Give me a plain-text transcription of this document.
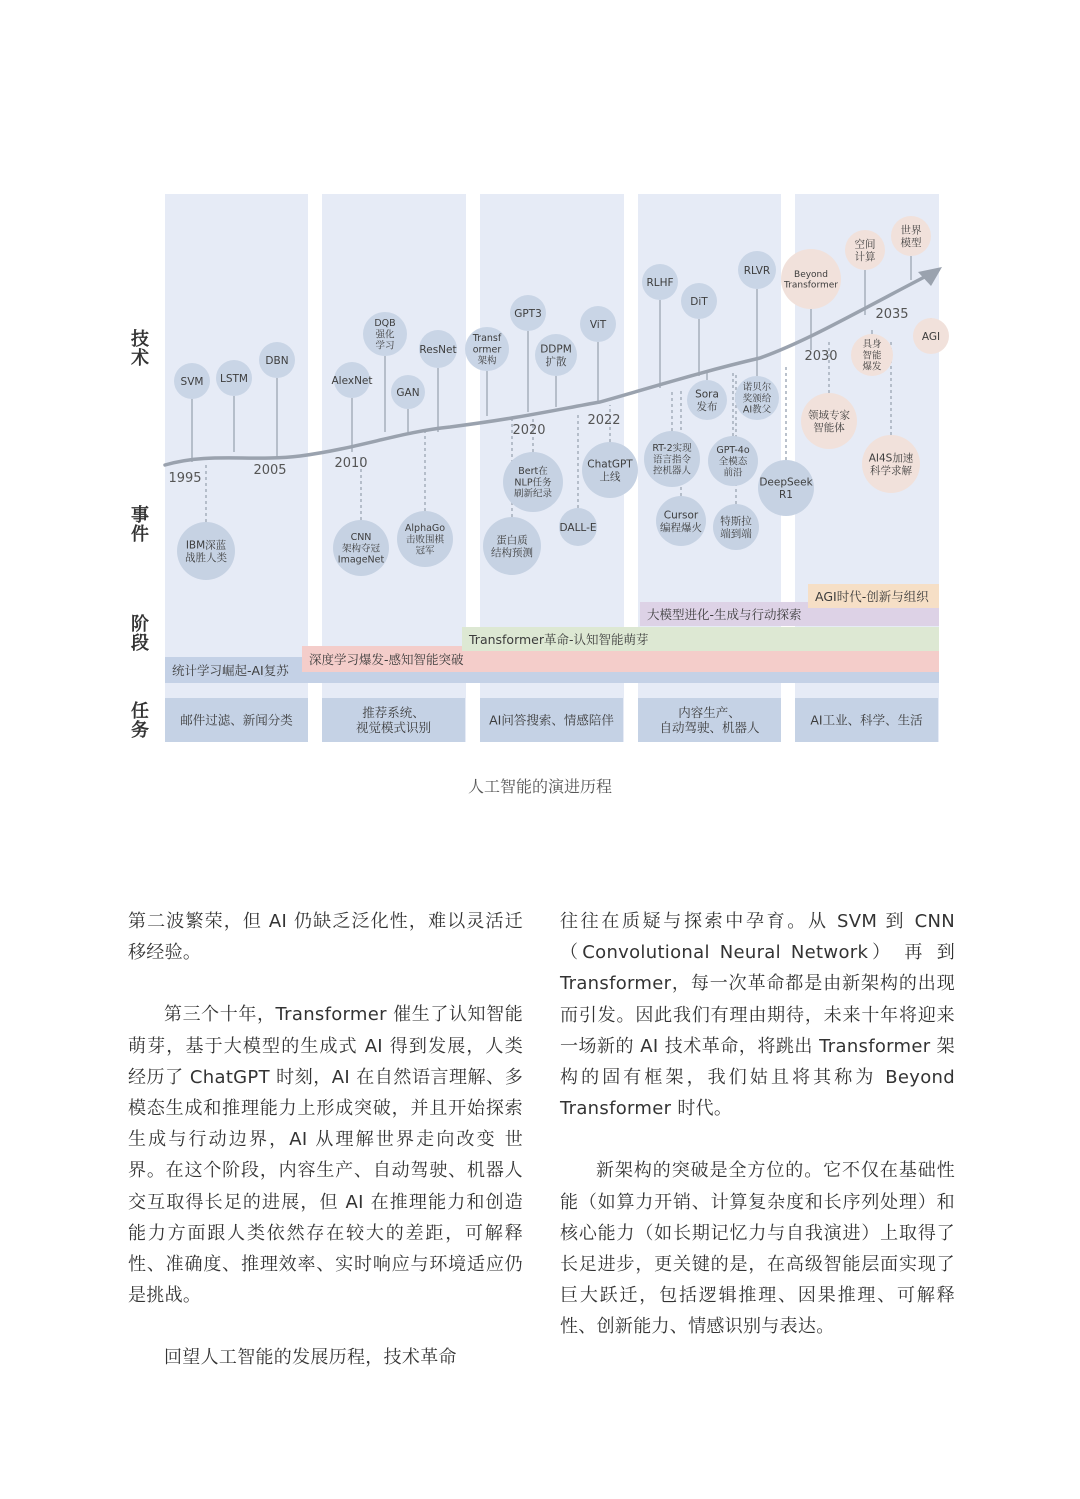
技
术
事
件
阶
段
任
务
1995
2005	2010
2020
2022
2030
2035
SVM LSTM
DBN
AlexNet
DQB 强化学习
GAN
ResNet
Transf ormer 架构
GPT3
DDPM 扩散
ViT
RLHF
DiT
RLVR
Sora 发布
诺贝尔奖颁给 AI教父
Beyond Transformer
空间计算
世界模型
具身智能爆发
AGI
IBM深蓝战胜人类
CNN 架构夺冠 ImageNet
AlphaGo 击败围棋冠军
Bert在 NLP任务刷新纪录
ChatGPT 上线
蛋白质结构预测
DALL-E
RT-2实现语言指令控机器人
GPT-4o 全模态前沿
DeepSeek R1
Cursor 编程爆火
特斯拉端到端
领域专家智能体
AI4S加速科学求解
统计学习崛起-AI复苏
深度学习爆发-感知智能突破
Transformer革命-认知智能萌芽
大模型进化-生成与行动探索
AGI时代-创新与组织
邮件过滤、新闻分类	推荐系统、视觉模式识别	AI问答搜索、情感陪伴	内容生产、自动驾驶、机器人	AI工业、科学、生活
人工智能的演进历程

第二波繁荣，但 AI 仍缺乏泛化性，难以灵活迁移经验。

第三个十年，Transformer 催生了认知智能萌芽，基于大模型的生成式 AI 得到发展，人类经历了 ChatGPT 时刻，AI 在自然语言理解、多模态生成和推理能力上形成突破，并且开始探索生成与行动边界，AI 从理解世界走向改变 世界。在这个阶段，内容生产、自动驾驶、机器人交互取得长足的进展，但 AI 在推理能力和创造能力方面跟人类依然存在较大的差距，可解释性、准确度、推理效率、实时响应与环境适应仍是挑战。

回望人工智能的发展历程，技术革命

往往在质疑与探索中孕育。从 SVM 到 CNN（Convolutional Neural Network） 再 到 Transformer，每一次革命都是由新架构的出现而引发。因此我们有理由期待，未来十年将迎来一场新的 AI 技术革命，将跳出 Transformer 架构的固有框架，我们姑且将其称为 Beyond Transformer 时代。

新架构的突破是全方位的。它不仅在基础性能（如算力开销、计算复杂度和长序列处理）和核心能力（如长期记忆力与自我演进）上取得了长足进步，更关键的是，在高级智能层面实现了巨大跃迁，包括逻辑推理、因果推理、可解释性、创新能力、情感识别与表达。
